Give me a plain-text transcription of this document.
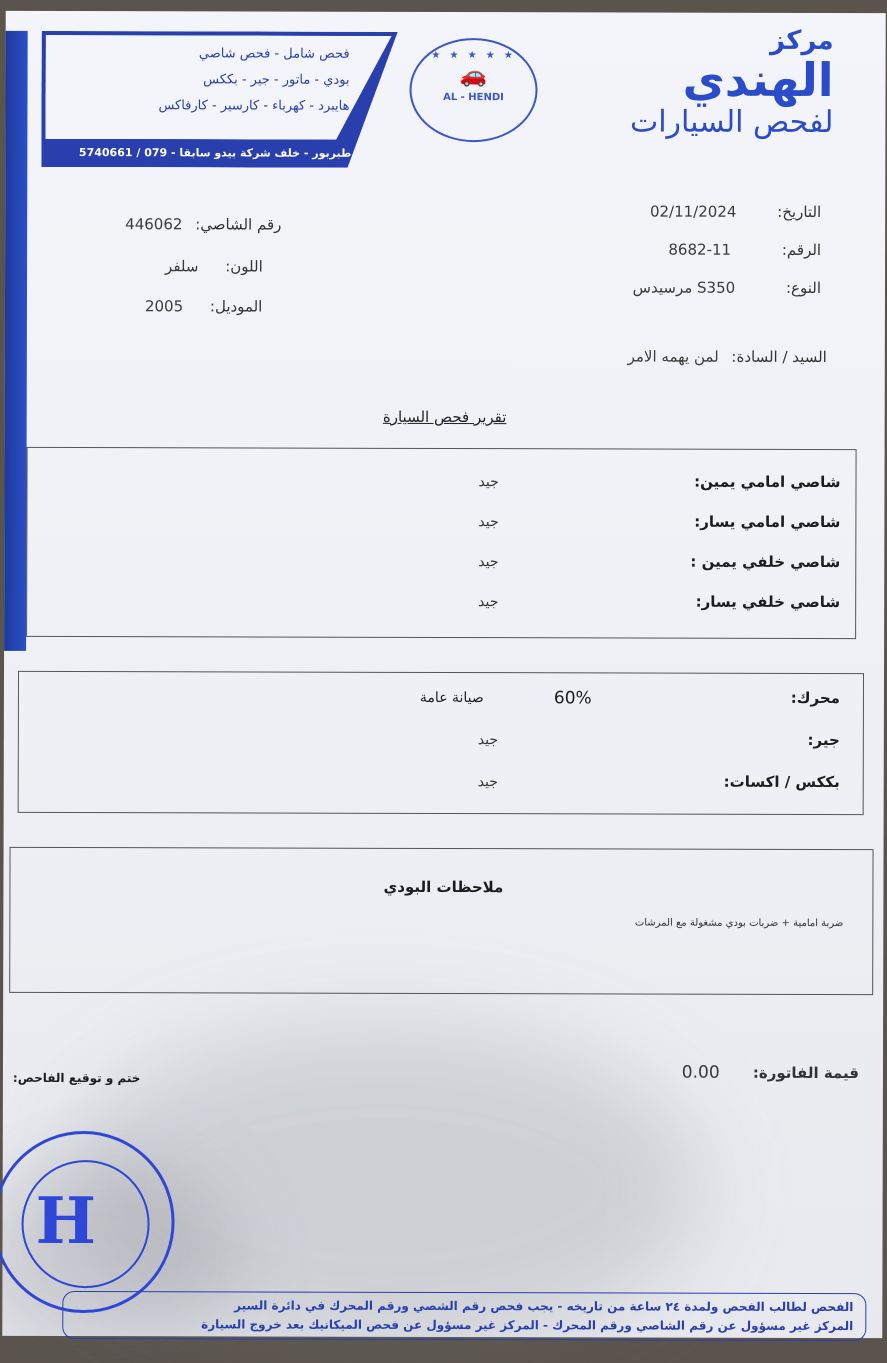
فحص شامل - فحص شاصي
بودي - ماتور - جير - بككس
هايبرد - كهرباء - كارسير - كارفاكس
طبربور - خلف شركة بيدو سابقا - 079 / 5740661
★ ★ ★ ★ ★
🚗
AL - HENDI
مركز
الهندي
لفحص السيارات
التاريخ: 02/11/2024
الرقم: 11-8682
النوع: S350 مرسيدس
رقم الشاصي: 446062
اللون: سلفر
الموديل: 2005
السيد / السادة: لمن يهمه الامر
تقرير فحص السيارة
شاصي امامي يمين:
جيد
شاصي امامي يسار:
جيد
شاصي خلفي يمين :
جيد
شاصي خلفي يسار:
جيد
محرك:
60%
صيانة عامة
جير:
جيد
بككس / اكسات:
جيد
ملاحظات البودي
ضربة امامية + ضربات بودي مشغولة مع المرشات
قيمة الفاتورة: 0.00
ختم و توقيع الفاحص:
H
الفحص لطالب الفحص ولمدة ٢٤ ساعة من تاريخه - يجب فحص رقم الشصي ورقم المحرك في دائرة السير
المركز غير مسؤول عن رقم الشاصي ورقم المحرك - المركز غير مسؤول عن فحص الميكانيك بعد خروج السيارة
